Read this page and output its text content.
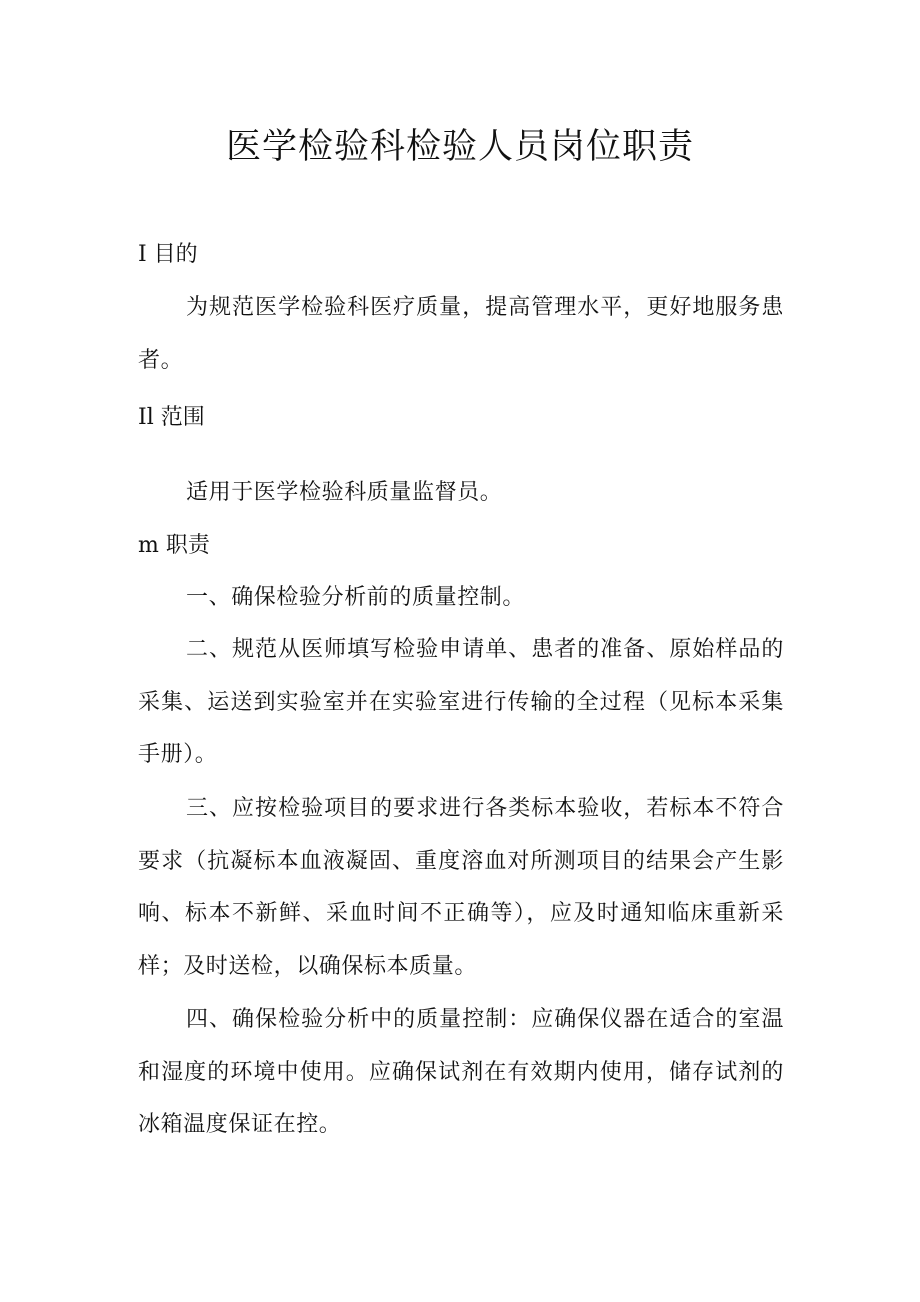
医学检验科检验人员岗位职责
I 目的

为规范医学检验科医疗质量，提高管理水平，更好地服务患者。

Il 范围

适用于医学检验科质量监督员。

m 职责

一、确保检验分析前的质量控制。

二、规范从医师填写检验申请单、患者的准备、原始样品的采集、运送到实验室并在实验室进行传输的全过程（见标本采集手册）。

三、应按检验项目的要求进行各类标本验收，若标本不符合要求（抗凝标本血液凝固、重度溶血对所测项目的结果会产生影响、标本不新鲜、采血时间不正确等），应及时通知临床重新采样；及时送检，以确保标本质量。

四、确保检验分析中的质量控制：应确保仪器在适合的室温和湿度的环境中使用。应确保试剂在有效期内使用，储存试剂的冰箱温度保证在控。
